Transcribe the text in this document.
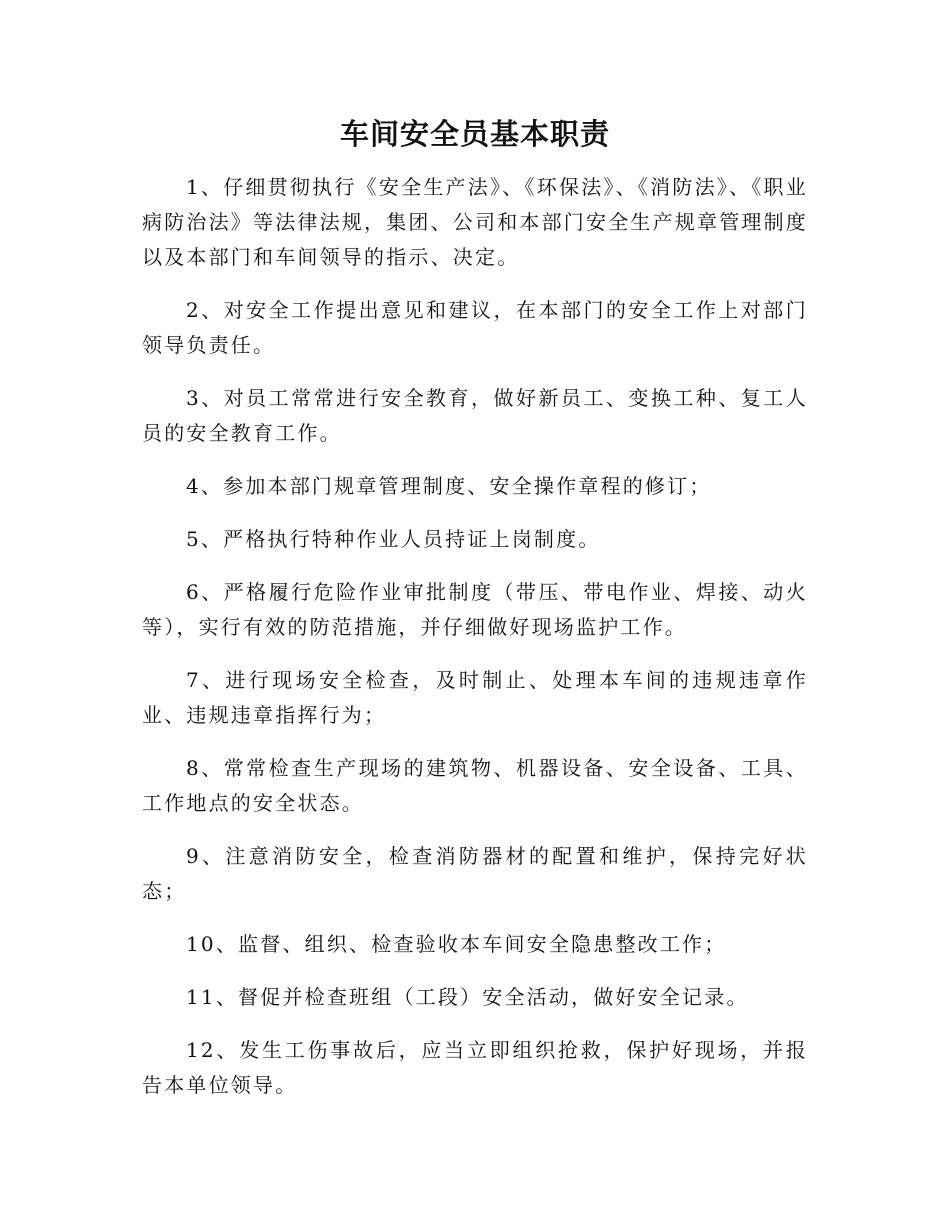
车间安全员基本职责

1、仔细贯彻执行《安全生产法》、《环保法》、《消防法》、《职业病防治法》等法律法规，集团、公司和本部门安全生产规章管理制度以及本部门和车间领导的指示、决定。

2、对安全工作提出意见和建议，在本部门的安全工作上对部门领导负责任。

3、对员工常常进行安全教育，做好新员工、变换工种、复工人员的安全教育工作。

4、参加本部门规章管理制度、安全操作章程的修订；

5、严格执行特种作业人员持证上岗制度。

6、严格履行危险作业审批制度（带压、带电作业、焊接、动火等），实行有效的防范措施，并仔细做好现场监护工作。

7、进行现场安全检查，及时制止、处理本车间的违规违章作业、违规违章指挥行为；

8、常常检查生产现场的建筑物、机器设备、安全设备、工具、工作地点的安全状态。

9、注意消防安全，检查消防器材的配置和维护，保持完好状态；

10、监督、组织、检查验收本车间安全隐患整改工作；

11、督促并检查班组（工段）安全活动，做好安全记录。

12、发生工伤事故后，应当立即组织抢救，保护好现场，并报告本单位领导。
